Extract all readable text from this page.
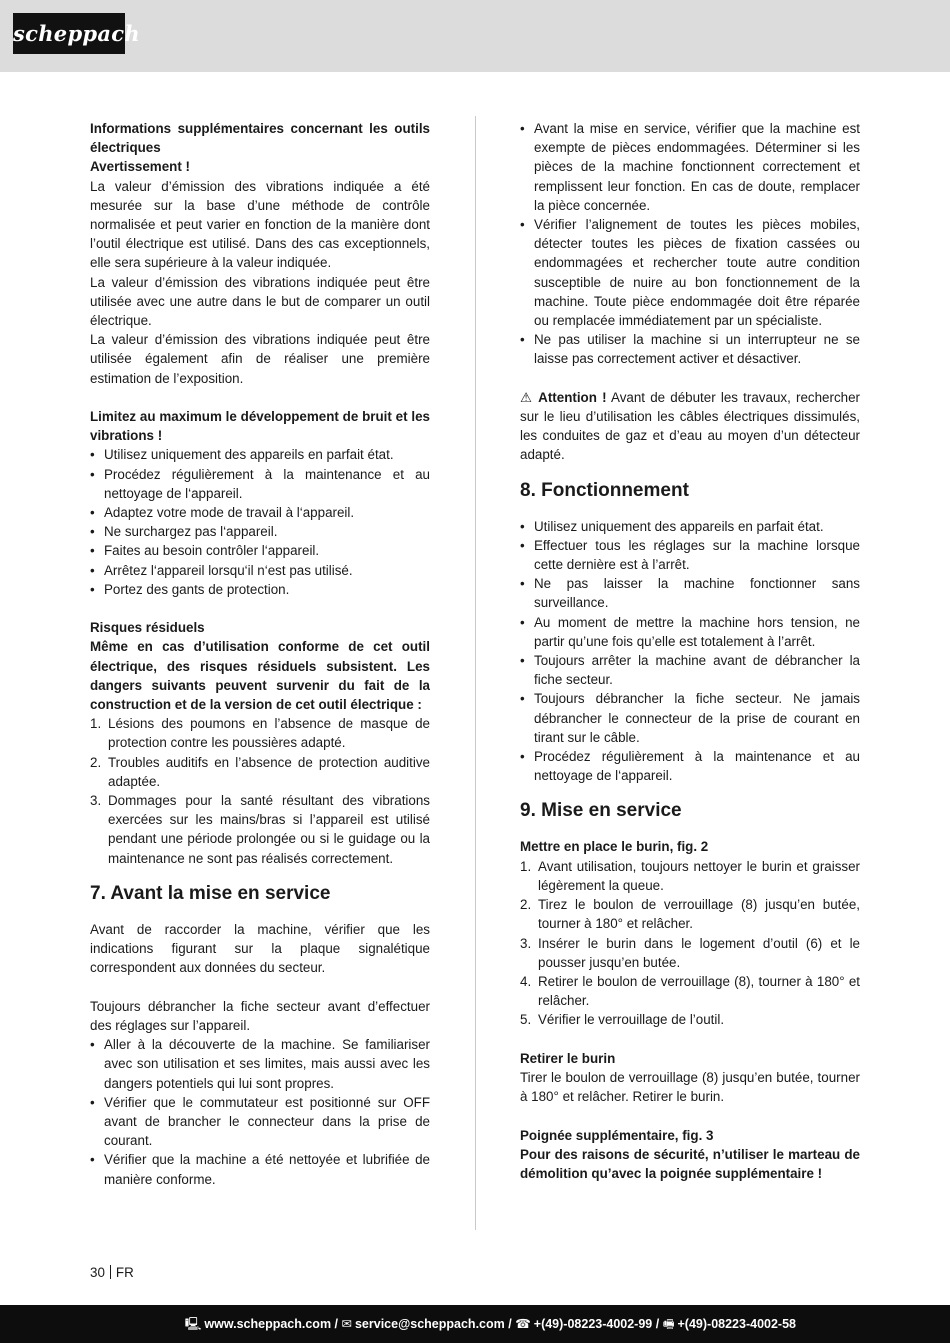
scheppach

Informations supplémentaires concernant les outils électriques

Avertissement !

La valeur d’émission des vibrations indiquée a été mesurée sur la base d’une méthode de contrôle normalisée et peut varier en fonction de la manière dont l’outil électrique est utilisé. Dans des cas exceptionnels, elle sera supérieure à la valeur indiquée.

La valeur d’émission des vibrations indiquée peut être utilisée avec une autre dans le but de comparer un outil électrique.

La valeur d’émission des vibrations indiquée peut être utilisée également afin de réaliser une première estimation de l’exposition.

Limitez au maximum le développement de bruit et les vibrations !

• Utilisez uniquement des appareils en parfait état.
• Procédez régulièrement à la maintenance et au nettoyage de l‘appareil.
• Adaptez votre mode de travail à l‘appareil.
• Ne surchargez pas l‘appareil.
• Faites au besoin contrôler l‘appareil.
• Arrêtez l‘appareil lorsqu‘il n‘est pas utilisé.
• Portez des gants de protection.

Risques résiduels

Même en cas d’utilisation conforme de cet outil électrique, des risques résiduels subsistent. Les dangers suivants peuvent survenir du fait de la construction et de la version de cet outil électrique :

1. Lésions des poumons en l’absence de masque de protection contre les poussières adapté.
2. Troubles auditifs en l’absence de protection auditive adaptée.
3. Dommages pour la santé résultant des vibrations exercées sur les mains/bras si l’appareil est utilisé pendant une période prolongée ou si le guidage ou la maintenance ne sont pas réalisés correctement.
7. Avant la mise en service

Avant de raccorder la machine, vérifier que les indications figurant sur la plaque signalétique correspondent aux données du secteur.

Toujours débrancher la fiche secteur avant d’effectuer des réglages sur l’appareil.

• Aller à la découverte de la machine. Se familiariser avec son utilisation et ses limites, mais aussi avec les dangers potentiels qui lui sont propres.
• Vérifier que le commutateur est positionné sur OFF avant de brancher le connecteur dans la prise de courant.
• Vérifier que la machine a été nettoyée et lubrifiée de manière conforme.
• Avant la mise en service, vérifier que la machine est exempte de pièces endommagées. Déterminer si les pièces de la machine fonctionnent correctement et remplissent leur fonction. En cas de doute, remplacer la pièce concernée.
• Vérifier l’alignement de toutes les pièces mobiles, détecter toutes les pièces de fixation cassées ou endommagées et rechercher toute autre condition susceptible de nuire au bon fonctionnement de la machine. Toute pièce endommagée doit être réparée ou remplacée immédiatement par un spécialiste.
• Ne pas utiliser la machine si un interrupteur ne se laisse pas correctement activer et désactiver.

⚠ Attention ! Avant de débuter les travaux, rechercher sur le lieu d’utilisation les câbles électriques dissimulés, les conduites de gaz et d’eau au moyen d’un détecteur adapté.

8. Fonctionnement
• Utilisez uniquement des appareils en parfait état.
• Effectuer tous les réglages sur la machine lorsque cette dernière est à l’arrêt.
• Ne pas laisser la machine fonctionner sans surveillance.
• Au moment de mettre la machine hors tension, ne partir qu’une fois qu’elle est totalement à l’arrêt.
• Toujours arrêter la machine avant de débrancher la fiche secteur.
• Toujours débrancher la fiche secteur. Ne jamais débrancher le connecteur de la prise de courant en tirant sur le câble.
• Procédez régulièrement à la maintenance et au nettoyage de l‘appareil.
9. Mise en service

Mettre en place le burin, fig. 2

1. Avant utilisation, toujours nettoyer le burin et graisser légèrement la queue.
2. Tirez le boulon de verrouillage (8) jusqu’en butée, tourner à 180° et relâcher.
3. Insérer le burin dans le logement d’outil (6) et le pousser jusqu’en butée.
4. Retirer le boulon de verrouillage (8), tourner à 180° et relâcher.
5. Vérifier le verrouillage de l’outil.

Retirer le burin

Tirer le boulon de verrouillage (8) jusqu’en butée, tourner à 180° et relâcher. Retirer le burin.

Poignée supplémentaire, fig. 3

Pour des raisons de sécurité, n’utiliser le marteau de démolition qu’avec la poignée supplémentaire !

30 FR
🖳 www.scheppach.com / ✉ service@scheppach.com / ☎ +(49)-08223-4002-99 / 🖷 +(49)-08223-4002-58
